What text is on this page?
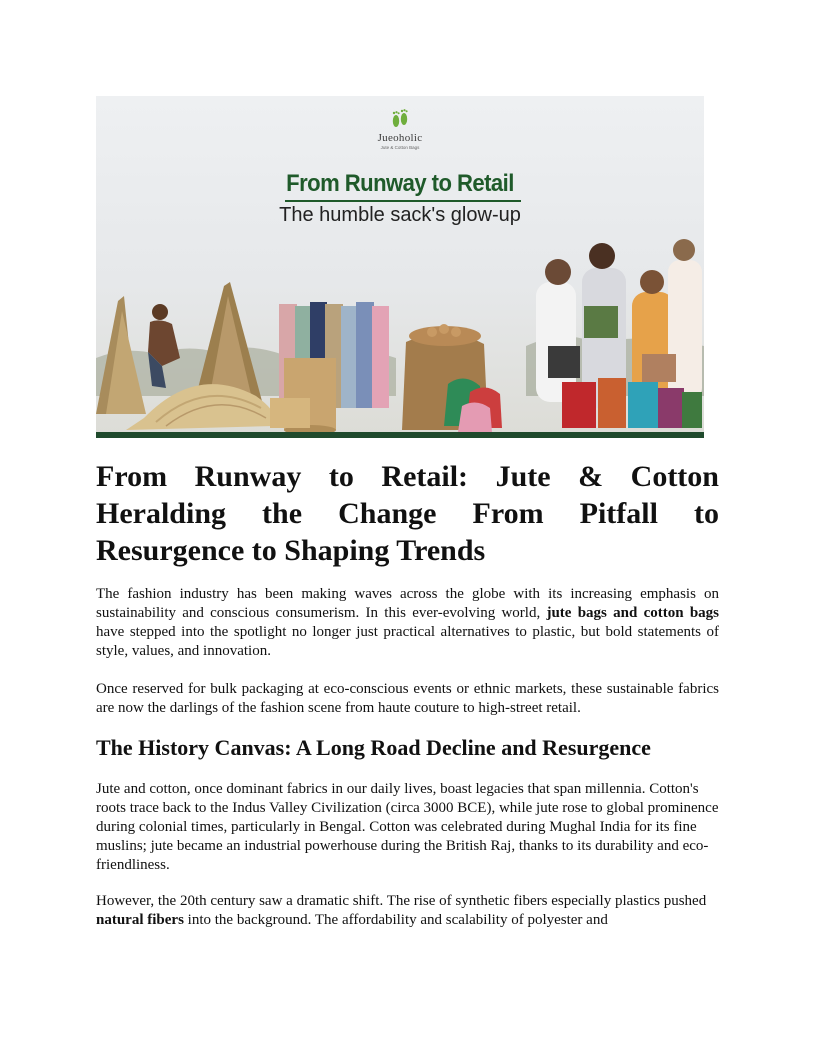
Jueoholic
Jute & Cotton Bags
From Runway to Retail
The humble sack's glow-up
From Runway to Retail: Jute & Cotton
Heralding the Change From Pitfall to
Resurgence to Shaping Trends

The fashion industry has been making waves across the globe with its increasing emphasis on sustainability and conscious consumerism. In this ever-evolving world, jute bags and cotton bags have stepped into the spotlight no longer just practical alternatives to plastic, but bold statements of style, values, and innovation.

Once reserved for bulk packaging at eco-conscious events or ethnic markets, these sustainable fabrics are now the darlings of the fashion scene from haute couture to high-street retail.

The History Canvas: A Long Road Decline and Resurgence

Jute and cotton, once dominant fabrics in our daily lives, boast legacies that span millennia. Cotton's roots trace back to the Indus Valley Civilization (circa 3000 BCE), while jute rose to global prominence during colonial times, particularly in Bengal. Cotton was celebrated during Mughal India for its fine muslins; jute became an industrial powerhouse during the British Raj, thanks to its durability and eco-friendliness.

However, the 20th century saw a dramatic shift. The rise of synthetic fibers especially plastics pushed natural fibers into the background. The affordability and scalability of polyester and
